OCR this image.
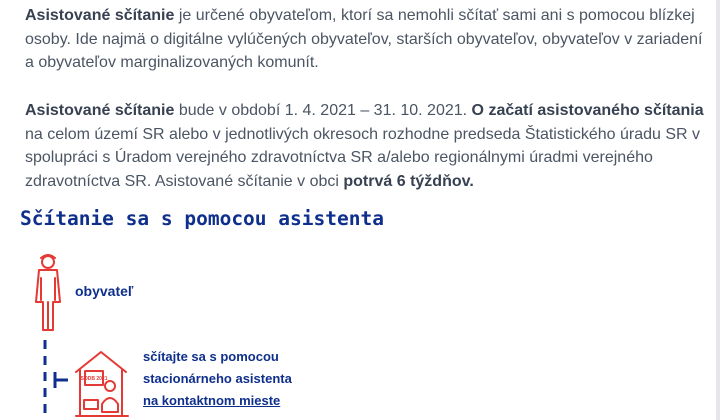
Asistované sčítanie je určené obyvateľom, ktorí sa nemohli sčítať sami ani s pomocou blízkej osoby. Ide najmä o digitálne vylúčených obyvateľov, starších obyvateľov, obyvateľov v zariadení a obyvateľov marginalizovaných komunít.

Asistované sčítanie bude v období 1. 4. 2021 – 31. 10. 2021. O začatí asistovaného sčítania na celom území SR alebo v jednotlivých okresoch rozhodne predseda Štatistického úradu SR v spolupráci s Úradom verejného zdravotníctva SR a/alebo regionálnymi úradmi verejného zdravotníctva SR. Asistované sčítanie v obci potrvá 6 týždňov.

Sčítanie sa s pomocou asistenta
SODB 2021
obyvateľ
sčítajte sa s pomocou
stacionárneho asistenta
na kontaktnom mieste
